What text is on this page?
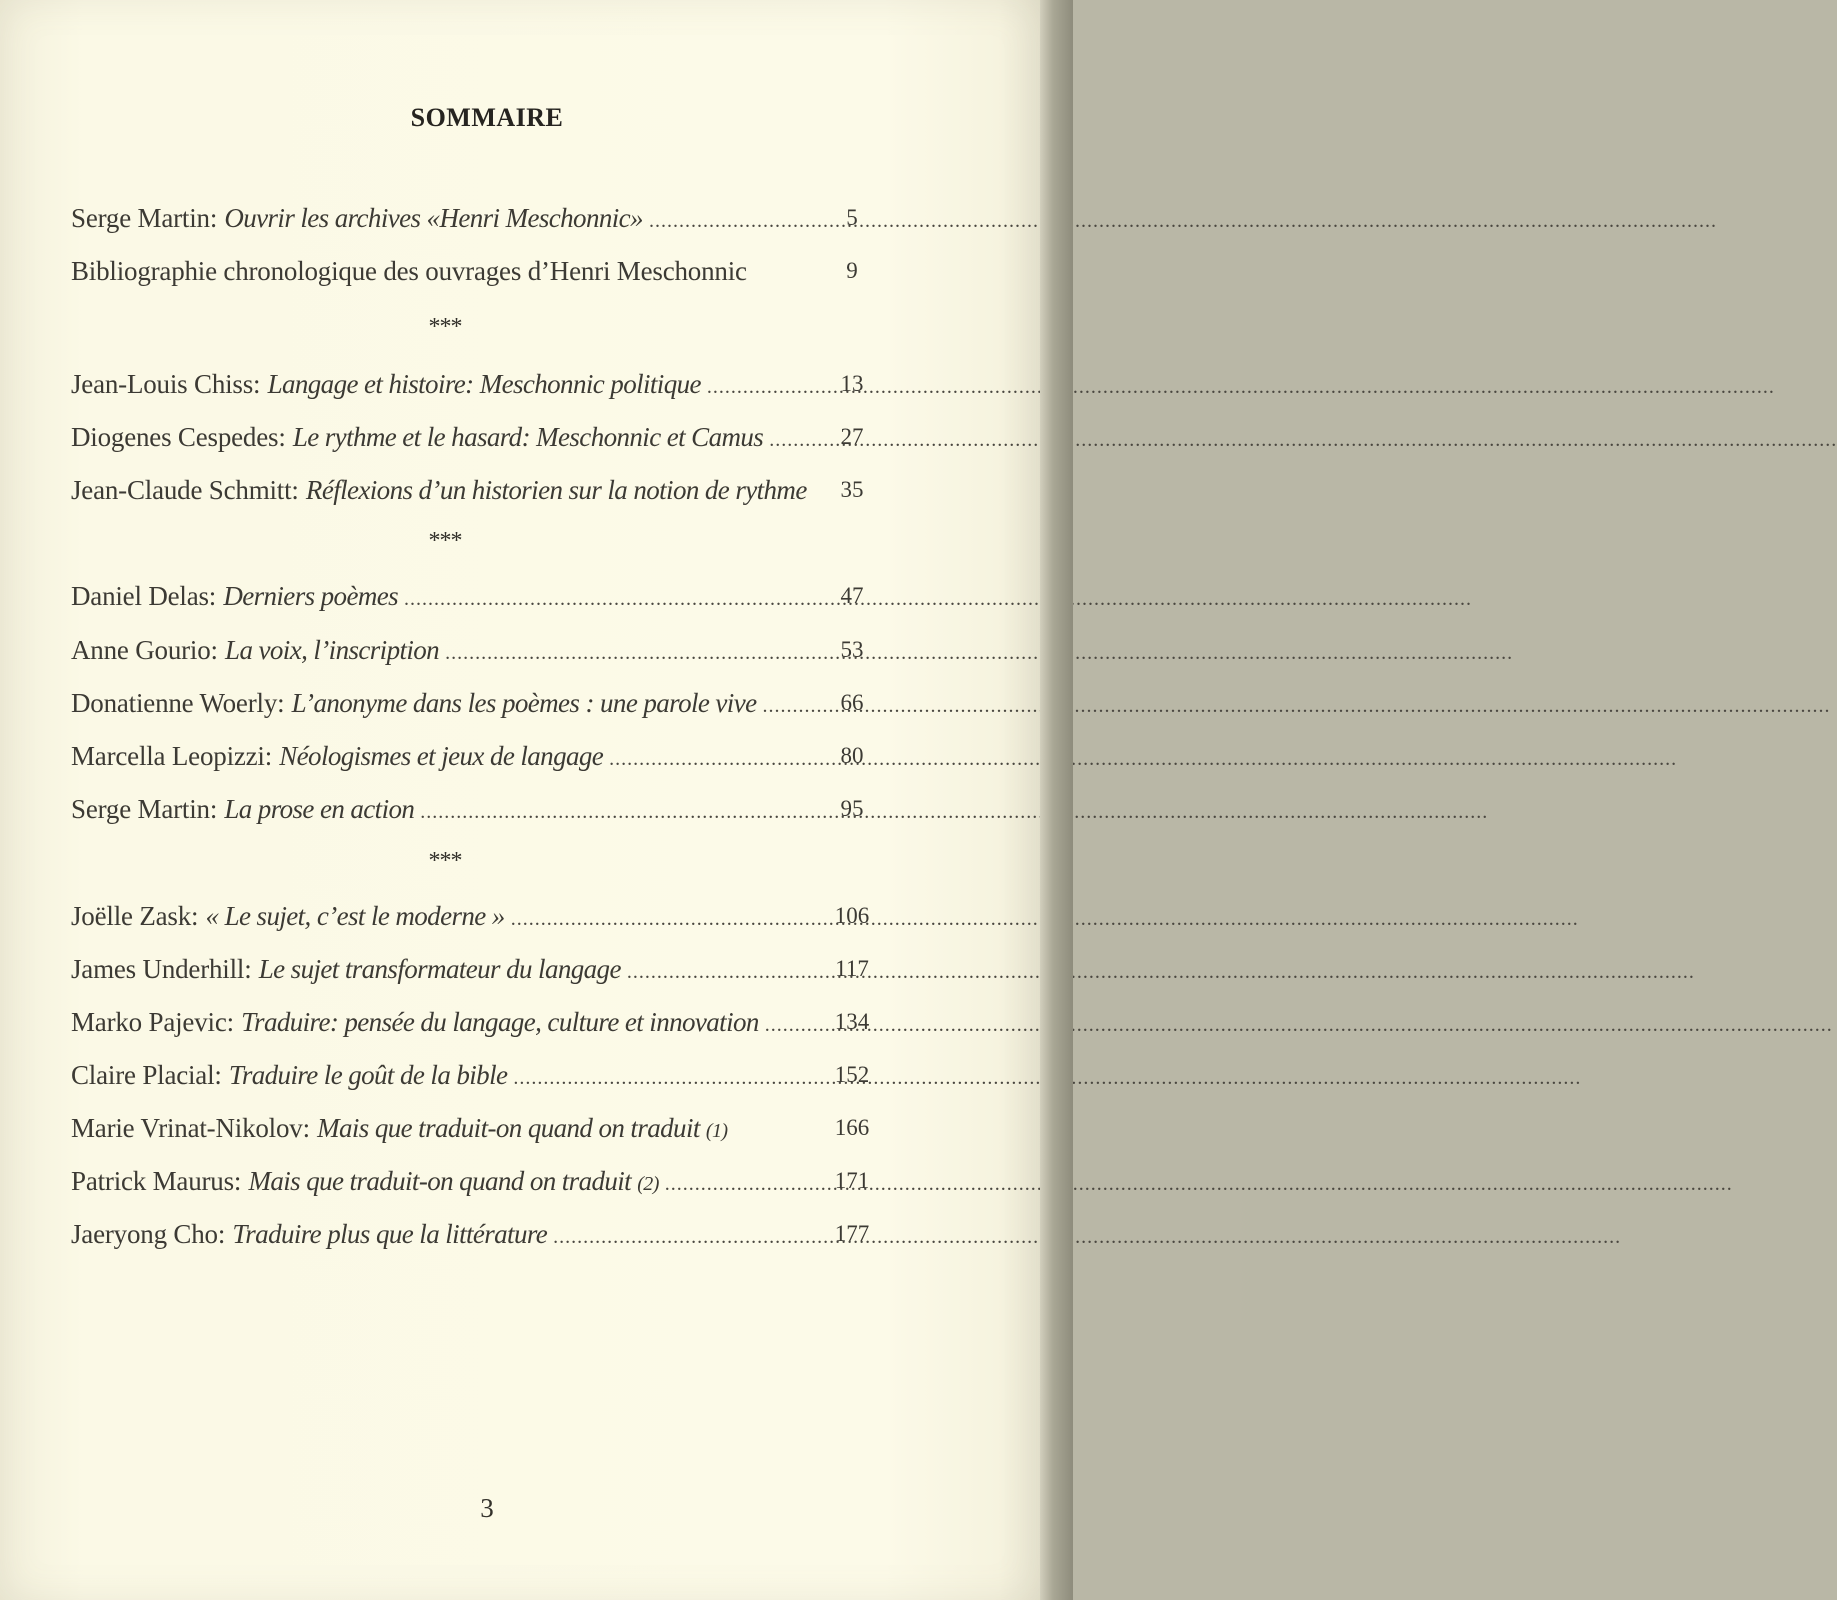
SOMMAIRE
Serge Martin : Ouvrir les archives «Henri Meschonnic» .....	5
Bibliographie chronologique des ouvrages d’Henri Meschonnic	9
***
Jean-Louis Chiss : Langage et histoire: Meschonnic politique .....	13
Diogenes Cespedes : Le rythme et le hasard: Meschonnic et Camus .....	27
Jean-Claude Schmitt : Réflexions d’un historien sur la notion de rythme	35
***
Daniel Delas : Derniers poèmes .....	47
Anne Gourio : La voix, l’inscription .....	53
Donatienne Woerly : L’anonyme dans les poèmes : une parole vive .....	66
Marcella Leopizzi : Néologismes et jeux de langage .....	80
Serge Martin : La prose en action .....	95
***
Joëlle Zask : « Le sujet, c’est le moderne » .....	106
James Underhill : Le sujet transformateur du langage .....	117
Marko Pajevic : Traduire: pensée du langage, culture et innovation .....	134
Claire Placial : Traduire le goût de la bible .....	152
Marie Vrinat-Nikolov : Mais que traduit-on quand on traduit (1)	166
Patrick Maurus : Mais que traduit-on quand on traduit (2) .....	171
Jaeryong Cho : Traduire plus que la littérature .....	177
3
